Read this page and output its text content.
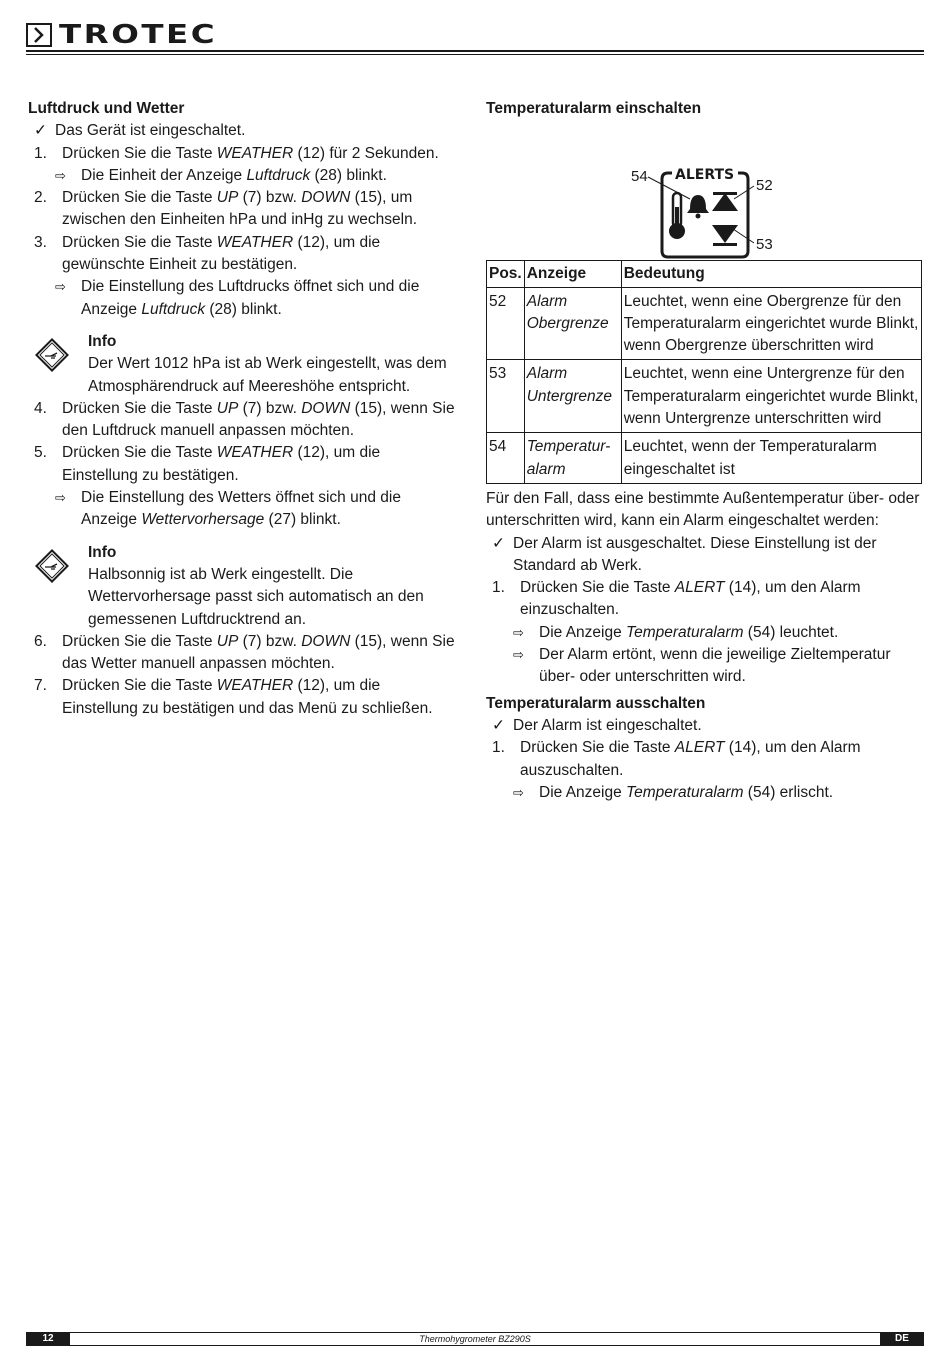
TROTEC
Luftdruck und Wetter
✓ Das Gerät ist eingeschaltet.
1. Drücken Sie die Taste WEATHER (12) für 2 Sekunden.
⇨ Die Einheit der Anzeige Luftdruck (28) blinkt.
2. Drücken Sie die Taste UP (7) bzw. DOWN (15), um zwischen den Einheiten hPa und inHg zu wechseln.
3. Drücken Sie die Taste WEATHER (12), um die gewünschte Einheit zu bestätigen.
⇨ Die Einstellung des Luftdrucks öffnet sich und die Anzeige Luftdruck (28) blinkt.
Info
Der Wert 1012 hPa ist ab Werk eingestellt, was dem Atmosphärendruck auf Meereshöhe entspricht.
4. Drücken Sie die Taste UP (7) bzw. DOWN (15), wenn Sie den Luftdruck manuell anpassen möchten.
5. Drücken Sie die Taste WEATHER (12), um die Einstellung zu bestätigen.
⇨ Die Einstellung des Wetters öffnet sich und die Anzeige Wettervorhersage (27) blinkt.
Info
Halbsonnig ist ab Werk eingestellt. Die Wettervorhersage passt sich automatisch an den gemessenen Luftdrucktrend an.
6. Drücken Sie die Taste UP (7) bzw. DOWN (15), wenn Sie das Wetter manuell anpassen möchten.
7. Drücken Sie die Taste WEATHER (12), um die Einstellung zu bestätigen und das Menü zu schließen.
Temperaturalarm einschalten
ALERTS
54
52
53
Pos.	Anzeige	Bedeutung
52	Alarm Obergrenze	Leuchtet, wenn eine Obergrenze für den Temperaturalarm eingerichtet wurde Blinkt, wenn Obergrenze überschritten wird
53	Alarm Untergrenze	Leuchtet, wenn eine Untergrenze für den Temperaturalarm eingerichtet wurde Blinkt, wenn Untergrenze unterschritten wird
54	Temperatur-alarm	Leuchtet, wenn der Temperaturalarm eingeschaltet ist
Für den Fall, dass eine bestimmte Außentemperatur über- oder unterschritten wird, kann ein Alarm eingeschaltet werden:
✓ Der Alarm ist ausgeschaltet. Diese Einstellung ist der Standard ab Werk.
1. Drücken Sie die Taste ALERT (14), um den Alarm einzuschalten.
⇨ Die Anzeige Temperaturalarm (54) leuchtet.
⇨ Der Alarm ertönt, wenn die jeweilige Zieltemperatur über- oder unterschritten wird.
Temperaturalarm ausschalten
✓ Der Alarm ist eingeschaltet.
1. Drücken Sie die Taste ALERT (14), um den Alarm auszuschalten.
⇨ Die Anzeige Temperaturalarm (54) erlischt.
Thermohygrometer BZ290S
12	DE
